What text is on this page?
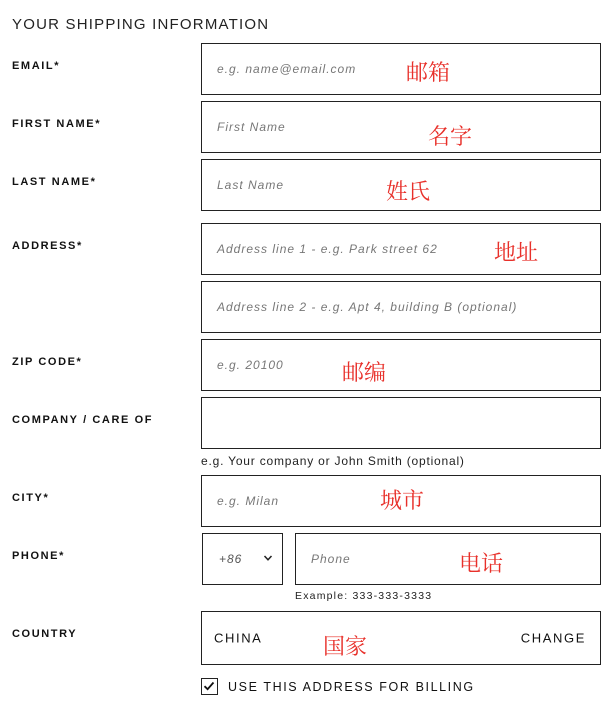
YOUR SHIPPING INFORMATION
EMAIL*	e.g. name@email.com 邮箱
FIRST NAME*	First Name	名字
LAST NAME*	Last Name	姓氏
ADDRESS*	Address line 1 - e.g. Park street 62	地址
Address line 2 - e.g. Apt 4, building B (optional)
ZIP CODE*	e.g. 20100	邮编
COMPANY / CARE OF
e.g. Your company or John Smith (optional)
CITY*	e.g. Milan	城市
PHONE*	+86	Phone	电话
Example: 333-333-3333
COUNTRY	CHINA	CHANGE
国家
USE THIS ADDRESS FOR BILLING
